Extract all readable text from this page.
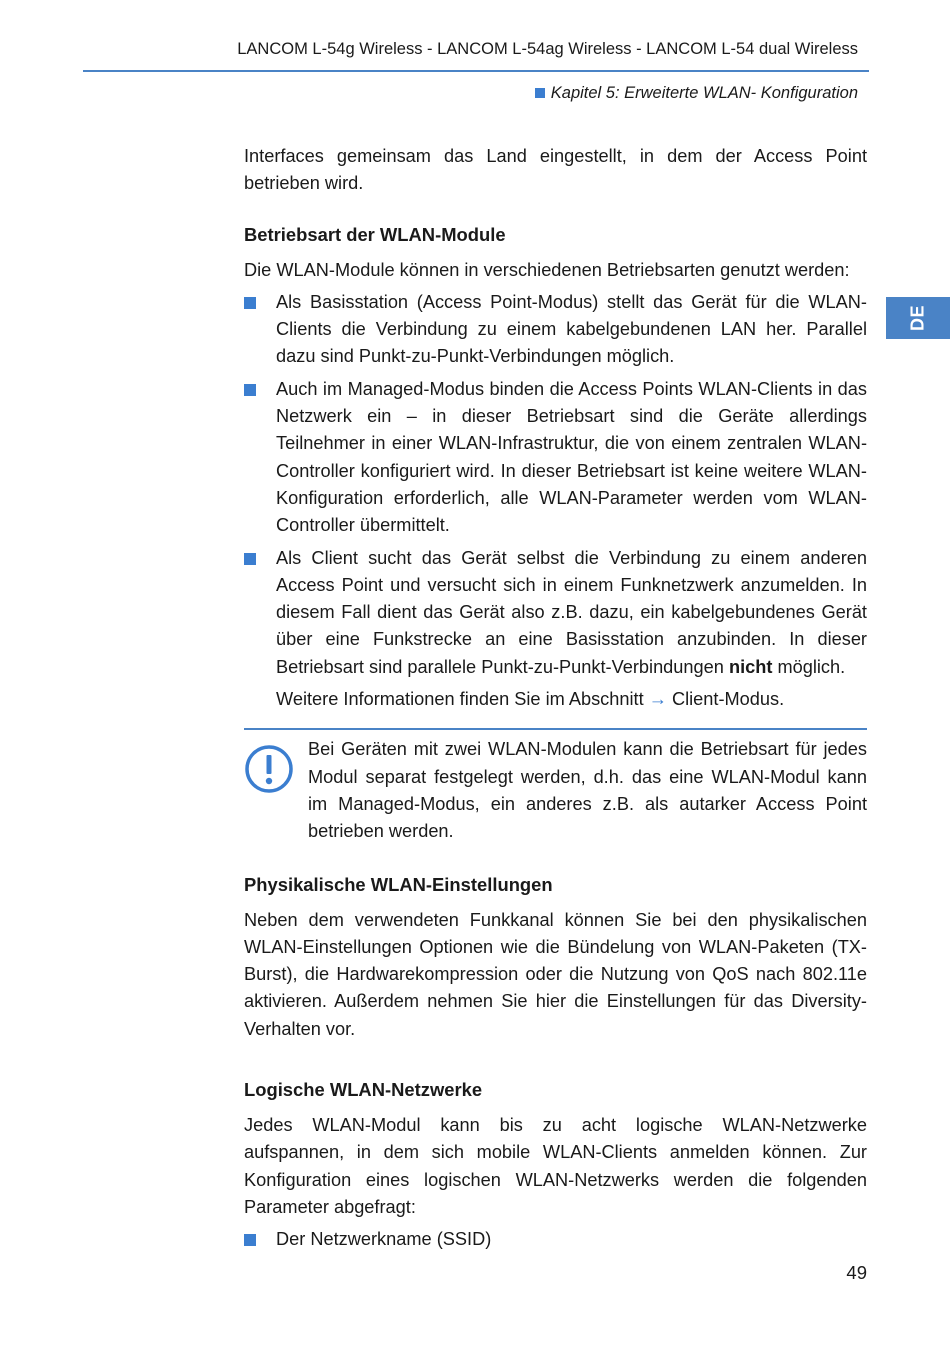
LANCOM L-54g Wireless - LANCOM L-54ag Wireless - LANCOM L-54 dual Wireless
Kapitel 5: Erweiterte WLAN- Konfiguration
DE

Interfaces gemeinsam das Land eingestellt, in dem der Access Point betrieben wird.

Betriebsart der WLAN-Module

Die WLAN-Module können in verschiedenen Betriebsarten genutzt werden:

Als Basisstation (Access Point-Modus) stellt das Gerät für die WLAN-Clients die Verbindung zu einem kabelgebundenen LAN her. Parallel dazu sind Punkt-zu-Punkt-Verbindungen möglich.
Auch im Managed-Modus binden die Access Points WLAN-Clients in das Netzwerk ein – in dieser Betriebsart sind die Geräte allerdings Teilnehmer in einer WLAN-Infrastruktur, die von einem zentralen WLAN-Controller konfiguriert wird. In dieser Betriebsart ist keine weitere WLAN-Konfiguration erforderlich, alle WLAN-Parameter werden vom WLAN-Controller übermittelt.
Als Client sucht das Gerät selbst die Verbindung zu einem anderen Access Point und versucht sich in einem Funknetzwerk anzumelden. In diesem Fall dient das Gerät also z.B. dazu, ein kabelgebundenes Gerät über eine Funkstrecke an eine Basisstation anzubinden. In dieser Betriebsart sind parallele Punkt-zu-Punkt-Verbindungen nicht möglich.

Weitere Informationen finden Sie im Abschnitt → Client-Modus.

Bei Geräten mit zwei WLAN-Modulen kann die Betriebsart für jedes Modul separat festgelegt werden, d.h. das eine WLAN-Modul kann im Managed-Modus, ein anderes z.B. als autarker Access Point betrieben werden.

Physikalische WLAN-Einstellungen

Neben dem verwendeten Funkkanal können Sie bei den physikalischen WLAN-Einstellungen Optionen wie die Bündelung von WLAN-Paketen (TX-Burst), die Hardwarekompression oder die Nutzung von QoS nach 802.11e aktivieren. Außerdem nehmen Sie hier die Einstellungen für das Diversity-Verhalten vor.

Logische WLAN-Netzwerke

Jedes WLAN-Modul kann bis zu acht logische WLAN-Netzwerke aufspannen, in dem sich mobile WLAN-Clients anmelden können. Zur Konfiguration eines logischen WLAN-Netzwerks werden die folgenden Parameter abgefragt:

Der Netzwerkname (SSID)
49
